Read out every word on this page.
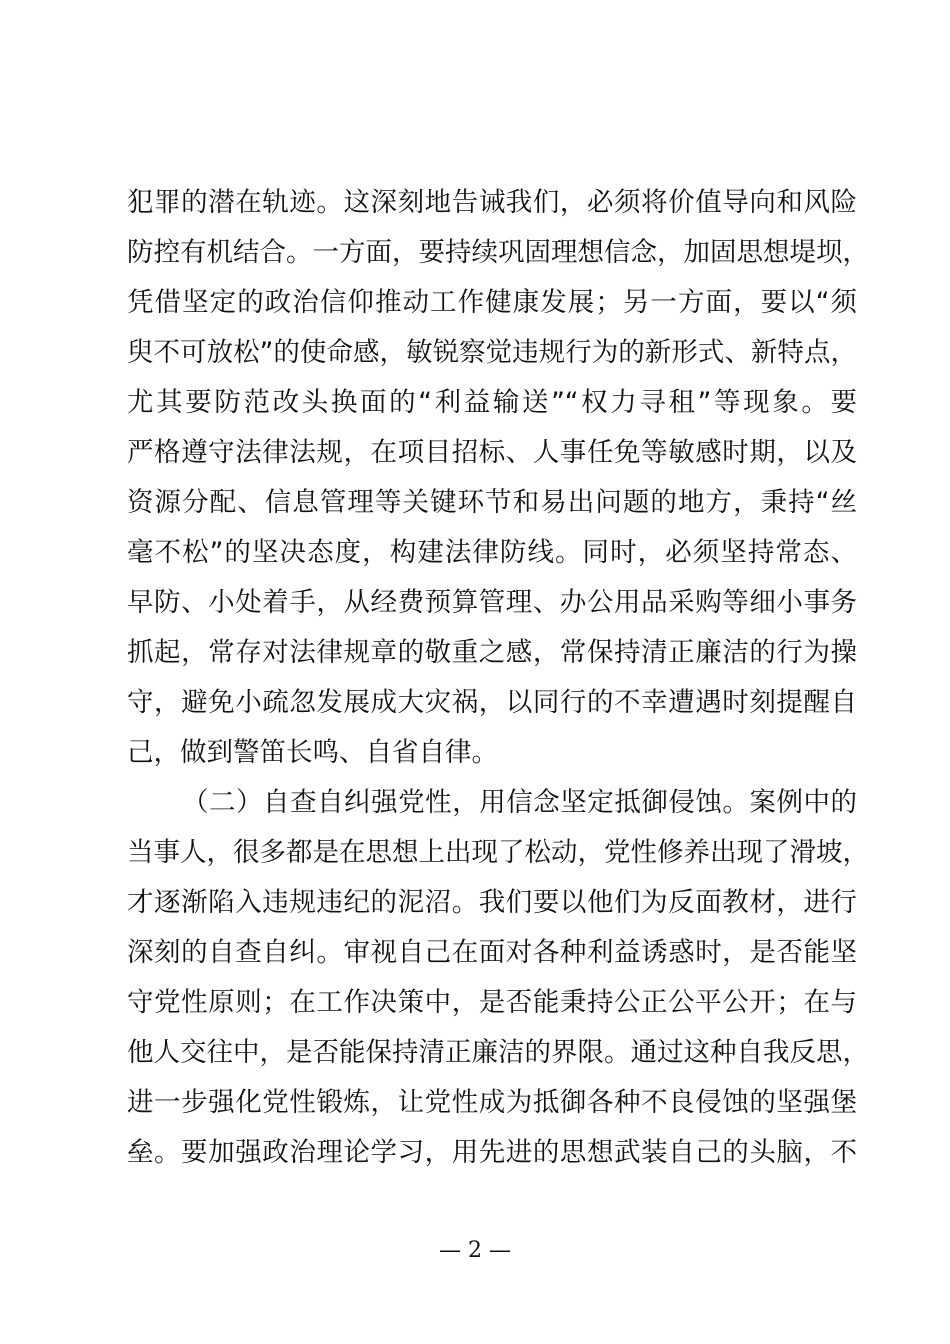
犯罪的潜在轨迹。这深刻地告诫我们，必须将价值导向和风险
防控有机结合。一方面，要持续巩固理想信念，加固思想堤坝，
凭借坚定的政治信仰推动工作健康发展；另一方面，要以“须
臾不可放松”的使命感，敏锐察觉违规行为的新形式、新特点，
尤其要防范改头换面的“利益输送”“权力寻租”等现象。要
严格遵守法律法规，在项目招标、人事任免等敏感时期，以及
资源分配、信息管理等关键环节和易出问题的地方，秉持“丝
毫不松”的坚决态度，构建法律防线。同时，必须坚持常态、
早防、小处着手，从经费预算管理、办公用品采购等细小事务
抓起，常存对法律规章的敬重之感，常保持清正廉洁的行为操
守，避免小疏忽发展成大灾祸，以同行的不幸遭遇时刻提醒自
己，做到警笛长鸣、自省自律。
（二）自查自纠强党性，用信念坚定抵御侵蚀。案例中的
当事人，很多都是在思想上出现了松动，党性修养出现了滑坡，
才逐渐陷入违规违纪的泥沼。我们要以他们为反面教材，进行
深刻的自查自纠。审视自己在面对各种利益诱惑时，是否能坚
守党性原则；在工作决策中，是否能秉持公正公平公开；在与
他人交往中，是否能保持清正廉洁的界限。通过这种自我反思，
进一步强化党性锻炼，让党性成为抵御各种不良侵蚀的坚强堡
垒。要加强政治理论学习，用先进的思想武装自己的头脑，不
— 2 —
